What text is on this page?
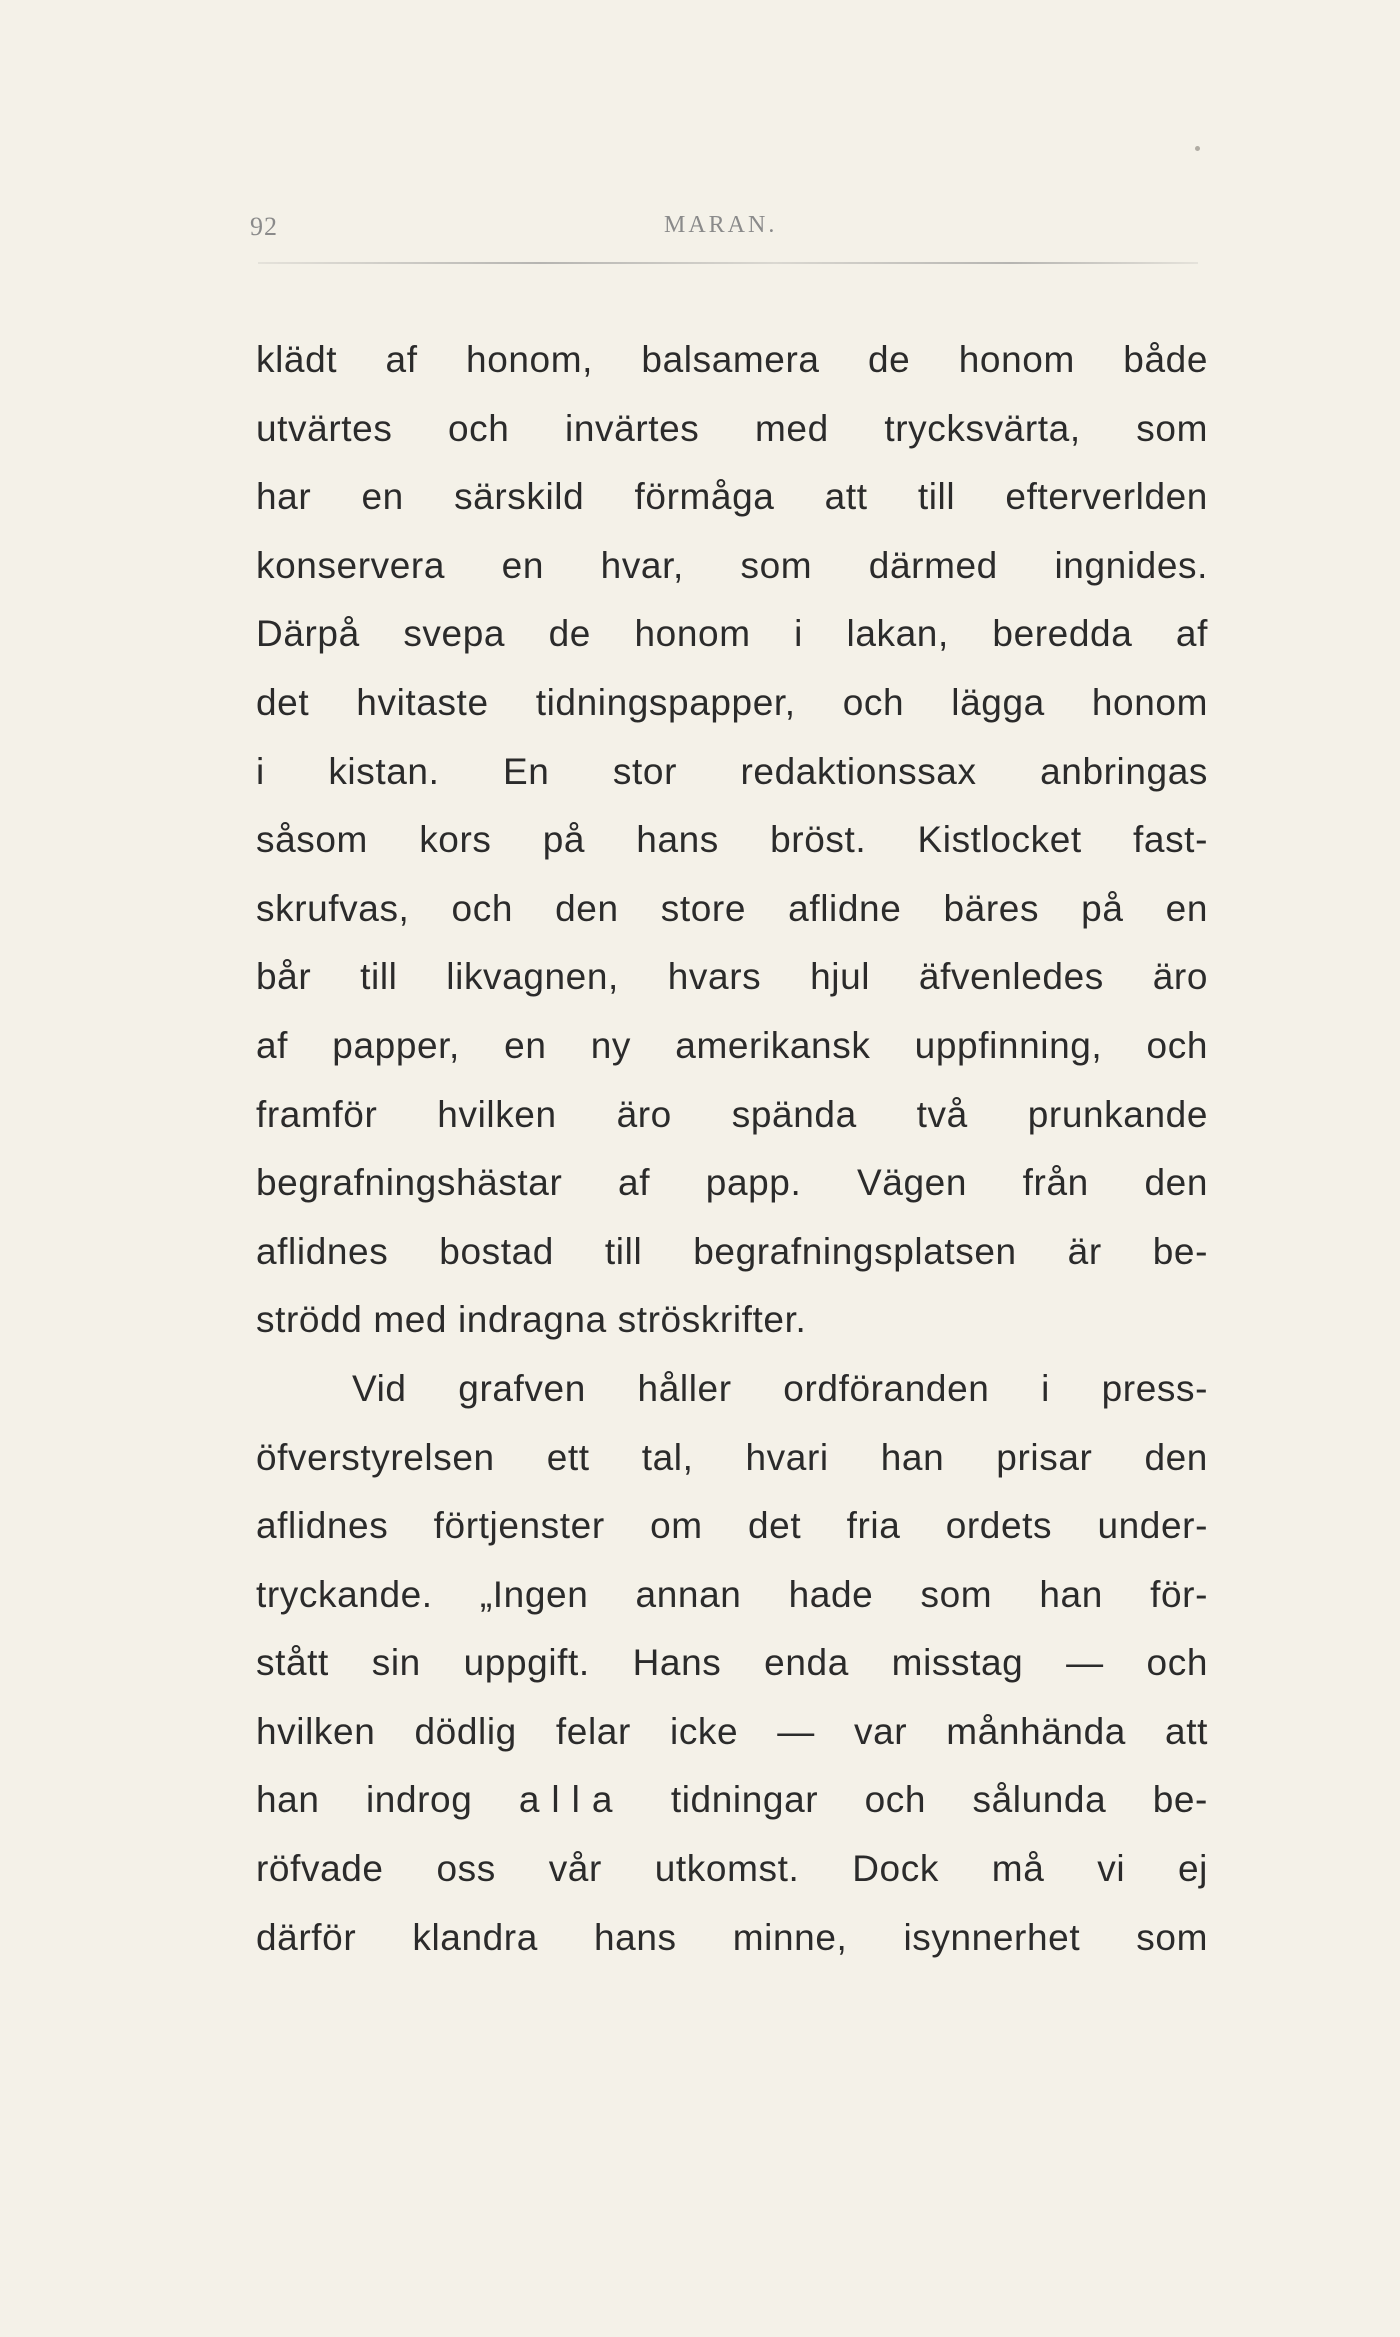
92	MARAN.
klädt af honom, balsamera de honom både
utvärtes och invärtes med trycksvärta, som
har en särskild förmåga att till efterverlden
konservera en hvar, som därmed ingnides.
Därpå svepa de honom i lakan, beredda af
det hvitaste tidningspapper, och lägga honom
i kistan. En stor redaktionssax anbringas
såsom kors på hans bröst. Kistlocket fast-
skrufvas, och den store aflidne bäres på en
bår till likvagnen, hvars hjul äfvenledes äro
af papper, en ny amerikansk uppfinning, och
framför hvilken äro spända två prunkande
begrafningshästar af papp. Vägen från den
aflidnes bostad till begrafningsplatsen är be-
strödd med indragna ströskrifter.
Vid grafven håller ordföranden i press-
öfverstyrelsen ett tal, hvari han prisar den
aflidnes förtjenster om det fria ordets under-
tryckande. „Ingen annan hade som han för-
stått sin uppgift. Hans enda misstag — och
hvilken dödlig felar icke — var månhända att
han indrog alla tidningar och sålunda be-
röfvade oss vår utkomst. Dock må vi ej
därför klandra hans minne, isynnerhet som
